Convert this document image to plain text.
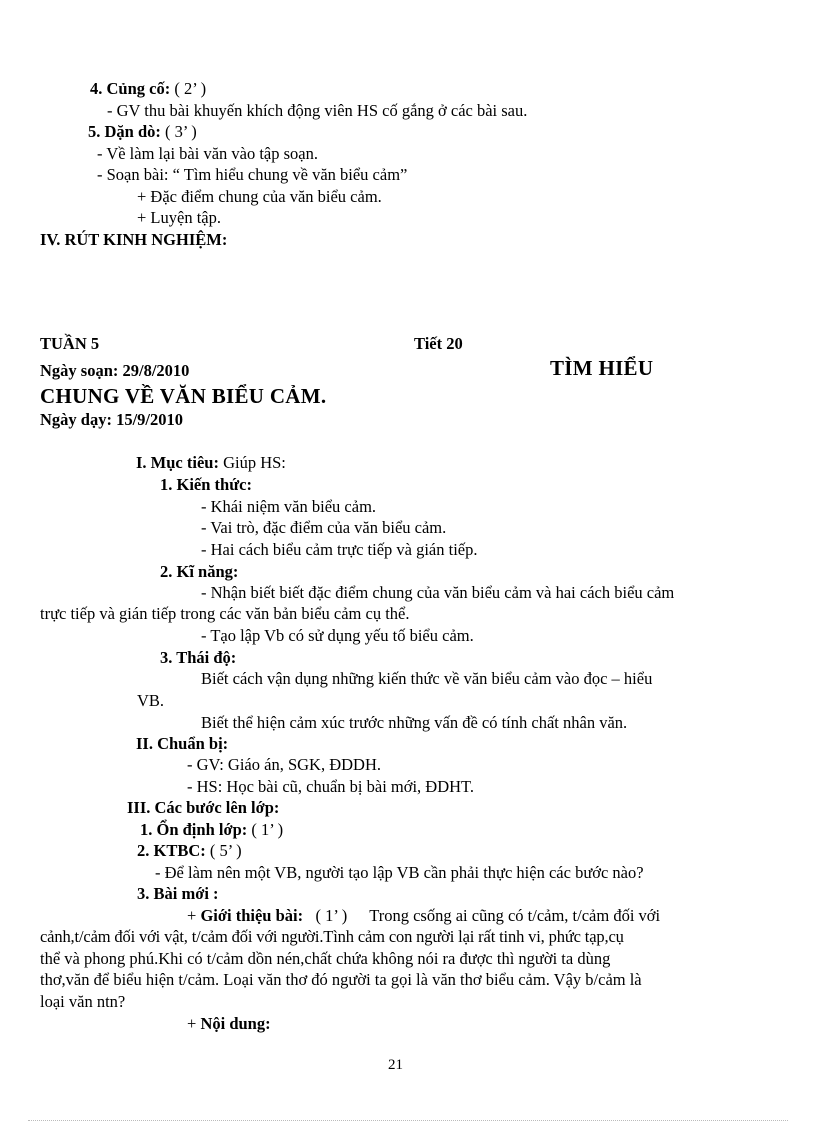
4. Củng cố: ( 2’ )
- GV thu bài khuyến khích động viên HS cố gắng ở các bài sau.
5. Dặn dò: ( 3’ )
- Về làm lại bài văn vào tập soạn.
- Soạn bài: “ Tìm hiểu chung về văn biểu cảm”
+ Đặc điểm chung của văn biểu cảm.
+ Luyện tập.
IV. RÚT KINH NGHIỆM:
TUẦN 5	Tiết 20
Ngày soạn: 29/8/2010	TÌM HIỂU
CHUNG VỀ VĂN BIỂU CẢM.
Ngày dạy: 15/9/2010
I. Mục tiêu: Giúp HS:
1. Kiến thức:
- Khái niệm văn biểu cảm.
- Vai trò, đặc điểm của văn biểu cảm.
- Hai cách biểu cảm trực tiếp và gián tiếp.
2. Kĩ năng:
- Nhận biết biết đặc điểm chung của văn biểu cảm và hai cách biểu cảm
trực tiếp và gián tiếp trong các văn bản biểu cảm cụ thể.
- Tạo lập Vb có sử dụng yếu tố biểu cảm.
3. Thái độ:
Biết cách vận dụng những kiến thức về văn biểu cảm vào đọc – hiểu
VB.
Biết thể hiện cảm xúc trước những vấn đề có tính chất nhân văn.
II. Chuẩn bị:
- GV: Giáo án, SGK, ĐDDH.
- HS: Học bài cũ, chuẩn bị bài mới, ĐDHT.
III. Các bước lên lớp:
1. Ổn định lớp: ( 1’ )
2. KTBC: ( 5’ )
- Để làm nên một VB, người tạo lập VB cần phải thực hiện các bước nào?
3. Bài mới :
+ Giới thiệu bài:   ( 1’ ) Trong csống ai cũng có t/cảm, t/cảm đối với
cảnh,t/cảm đối với vật, t/cảm đối với người.Tình cảm con người lại rất tinh vi, phức tạp,cụ
thể và phong phú.Khi có t/cảm dồn nén,chất chứa không nói ra được thì người ta dùng
thơ,văn để biểu hiện t/cảm. Loại văn thơ đó người ta gọi là văn thơ biểu cảm. Vậy b/cảm là
loại văn ntn?
+ Nội dung:
21
